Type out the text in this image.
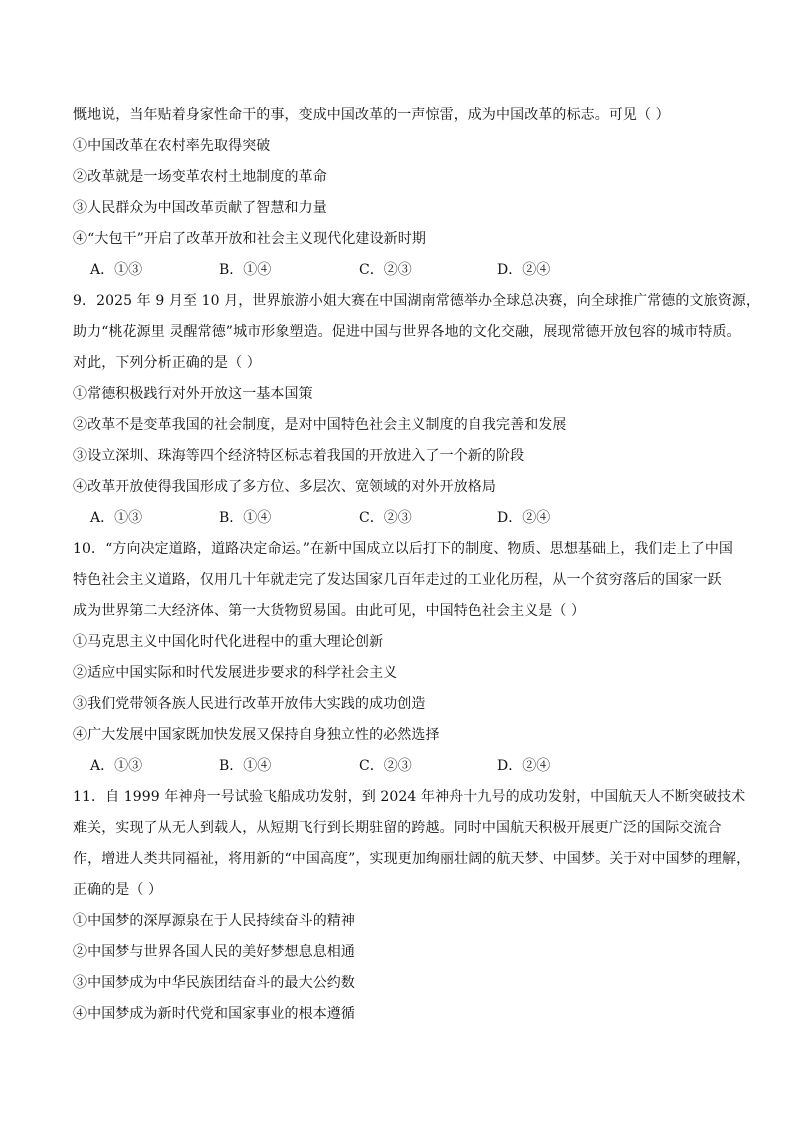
慨地说，当年贴着身家性命干的事，变成中国改革的一声惊雷，成为中国改革的标志。可见（ ）
①中国改革在农村率先取得突破
②改革就是一场变革农村土地制度的革命
③人民群众为中国改革贡献了智慧和力量
④“大包干”开启了改革开放和社会主义现代化建设新时期
A．①③	B．①④	C．②③	D．②④
9．2025 年 9 月至 10 月，世界旅游小姐大赛在中国湖南常德举办全球总决赛，向全球推广常德的文旅资源，
助力“桃花源里 灵醒常德”城市形象塑造。促进中国与世界各地的文化交融，展现常德开放包容的城市特质。
对此，下列分析正确的是（ ）
①常德积极践行对外开放这一基本国策
②改革不是变革我国的社会制度，是对中国特色社会主义制度的自我完善和发展
③设立深圳、珠海等四个经济特区标志着我国的开放进入了一个新的阶段
④改革开放使得我国形成了多方位、多层次、宽领域的对外开放格局
A．①③	B．①④	C．②③	D．②④
10．“方向决定道路，道路决定命运。”在新中国成立以后打下的制度、物质、思想基础上，我们走上了中国
特色社会主义道路，仅用几十年就走完了发达国家几百年走过的工业化历程，从一个贫穷落后的国家一跃
成为世界第二大经济体、第一大货物贸易国。由此可见，中国特色社会主义是（ ）
①马克思主义中国化时代化进程中的重大理论创新
②适应中国实际和时代发展进步要求的科学社会主义
③我们党带领各族人民进行改革开放伟大实践的成功创造
④广大发展中国家既加快发展又保持自身独立性的必然选择
A．①③	B．①④	C．②③	D．②④
11．自 1999 年神舟一号试验飞船成功发射，到 2024 年神舟十九号的成功发射，中国航天人不断突破技术
难关，实现了从无人到载人，从短期飞行到长期驻留的跨越。同时中国航天积极开展更广泛的国际交流合
作，增进人类共同福祉，将用新的“中国高度”，实现更加绚丽壮阔的航天梦、中国梦。关于对中国梦的理解，
正确的是（ ）
①中国梦的深厚源泉在于人民持续奋斗的精神
②中国梦与世界各国人民的美好梦想息息相通
③中国梦成为中华民族团结奋斗的最大公约数
④中国梦成为新时代党和国家事业的根本遵循
